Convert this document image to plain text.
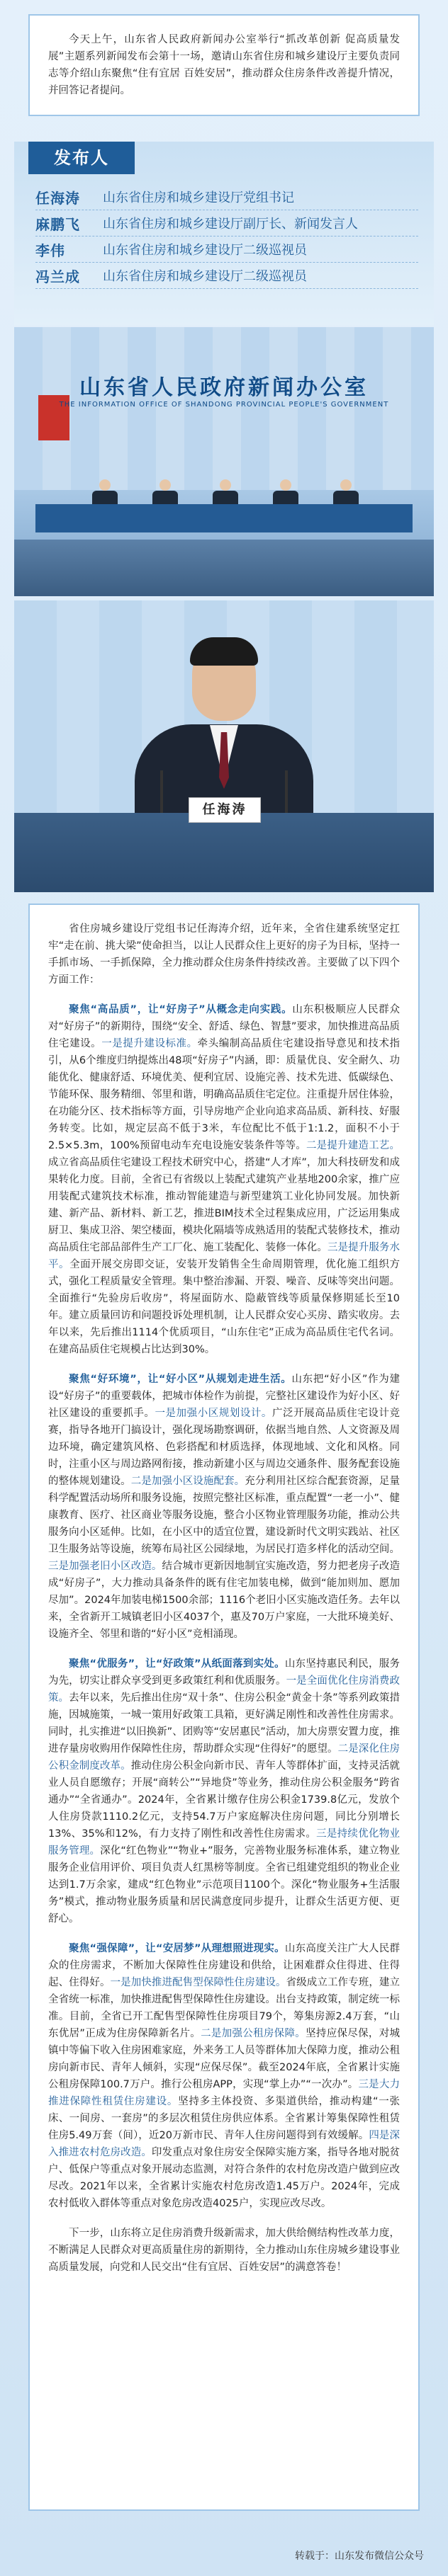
今天上午，山东省人民政府新闻办公室举行“抓改革创新 促高质量发展”主题系列新闻发布会第十一场，邀请山东省住房和城乡建设厅主要负责同志等介绍山东聚焦“住有宜居 百姓安居”，推动群众住房条件改善提升情况，并回答记者提问。
发布人
任海涛	山东省住房和城乡建设厅党组书记
麻鹏飞	山东省住房和城乡建设厅副厅长、新闻发言人
李伟	山东省住房和城乡建设厅二级巡视员
冯兰成	山东省住房和城乡建设厅二级巡视员
山东省人民政府新闻办公室
THE INFORMATION OFFICE OF SHANDONG PROVINCIAL PEOPLE'S GOVERNMENT
任海涛

省住房城乡建设厅党组书记任海涛介绍，近年来，全省住建系统坚定扛牢“走在前、挑大梁”使命担当，以让人民群众住上更好的房子为目标，坚持一手抓市场、一手抓保障，全力推动群众住房条件持续改善。主要做了以下四个方面工作：

聚焦“高品质”，让“好房子”从概念走向实践。山东积极顺应人民群众对“好房子”的新期待，围绕“安全、舒适、绿色、智慧”要求，加快推进高品质住宅建设。一是提升建设标准。牵头编制高品质住宅建设指导意见和技术指引，从6个维度归纳提炼出48项“好房子”内涵，即：质量优良、安全耐久、功能优化、健康舒适、环境优美、便利宜居、设施完善、技术先进、低碳绿色、节能环保、服务精细、邻里和谐，明确高品质住宅定位。注重提升居住体验，在功能分区、技术指标等方面，引导房地产企业向追求高品质、新科技、好服务转变。比如，规定层高不低于3米，车位配比不低于1:1.2，面积不小于2.5×5.3m，100%预留电动车充电设施安装条件等等。二是提升建造工艺。成立省高品质住宅建设工程技术研究中心，搭建“人才库”，加大科技研发和成果转化力度。目前，全省已有省级以上装配式建筑产业基地200余家，推广应用装配式建筑技术标准，推动智能建造与新型建筑工业化协同发展。加快新建、新产品、新材料、新工艺，推进BIM技术全过程集成应用，广泛运用集成厨卫、集成卫浴、架空楼面，模块化隔墙等成熟适用的装配式装修技术，推动高品质住宅部品部件生产工厂化、施工装配化、装修一体化。三是提升服务水平。全面开展交房即交证，安装开发销售全生命周期管理，优化施工组织方式，强化工程质量安全管理。集中整治渗漏、开裂、噪音、反味等突出问题。全面推行“先验房后收房”，将屋面防水、隐蔽管线等质量保修期延长至10年。建立质量回访和问题投诉处理机制，让人民群众安心买房、踏实收房。去年以来，先后推出1114个优质项目，“山东住宅”正成为高品质住宅代名词。在建高品质住宅规模占比达到30%。

聚焦“好环境”，让“好小区”从规划走进生活。山东把“好小区”作为建设“好房子”的重要载体，把城市体检作为前提，完整社区建设作为好小区、好社区建设的重要抓手。一是加强小区规划设计。广泛开展高品质住宅设计竞赛，指导各地开门搞设计，强化现场勘察调研，依据当地自然、人文资源及周边环境，确定建筑风格、色彩搭配和材质选择，体现地域、文化和风格。同时，注重小区与周边路网衔接，推动新建小区与周边交通条件、服务配套设施的整体规划建设。二是加强小区设施配套。充分利用社区综合配套资源，足量科学配置活动场所和服务设施，按照完整社区标准，重点配置“一老一小”、健康教育、医疗、社区商业等服务设施，整合小区物业管理服务功能，推动公共服务向小区延伸。比如，在小区中的适宜位置，建设新时代文明实践站、社区卫生服务站等设施，统筹布局社区公园绿地，为居民打造多样化的活动空间。三是加强老旧小区改造。结合城市更新因地制宜实施改造，努力把老房子改造成“好房子”，大力推动具备条件的既有住宅加装电梯，做到“能加则加、愿加尽加”。2024年加装电梯1500余部；1116个老旧小区实施改造任务。去年以来，全省新开工城镇老旧小区4037个，惠及70万户家庭，一大批环境美好、设施齐全、邻里和谐的“好小区”竞相涌现。

聚焦“优服务”，让“好政策”从纸面落到实处。山东坚持惠民利民，服务为先，切实让群众享受到更多政策红利和优质服务。一是全面优化住房消费政策。去年以来，先后推出住房“双十条”、住房公积金“黄金十条”等系列政策措施，因城施策，一城一策用好政策工具箱，更好满足刚性和改善性住房需求。同时，扎实推进“以旧换新”、团购等“安居惠民”活动，加大房票安置力度，推进存量房收购用作保障性住房，帮助群众实现“住得好”的愿望。二是深化住房公积金制度改革。推动住房公积金向新市民、青年人等群体扩面，支持灵活就业人员自愿缴存；开展“商转公”“异地贷”等业务，推动住房公积金服务“跨省通办”“全省通办”。2024年，全省累计缴存住房公积金1739.8亿元，发放个人住房贷款1110.2亿元，支持54.7万户家庭解决住房问题，同比分别增长13%、35%和12%，有力支持了刚性和改善性住房需求。三是持续优化物业服务管理。深化“红色物业”“物业+”服务，完善物业服务标准体系，建立物业服务企业信用评价、项目负责人红黑榜等制度。全省已组建党组织的物业企业达到1.7万余家，建成“红色物业”示范项目1100个。深化“物业服务+生活服务”模式，推动物业服务质量和居民满意度同步提升，让群众生活更方便、更舒心。

聚焦“强保障”，让“安居梦”从理想照进现实。山东高度关注广大人民群众的住房需求，不断加大保障性住房建设和供给，让困难群众住得进、住得起、住得好。一是加快推进配售型保障性住房建设。省级成立工作专班，建立全省统一标准，加快推进配售型保障性住房建设。出台支持政策，制定统一标准。目前，全省已开工配售型保障性住房项目79个，筹集房源2.4万套，“山东优居”正成为住房保障新名片。二是加强公租房保障。坚持应保尽保，对城镇中等偏下收入住房困难家庭，外来务工人员等群体加大保障力度，推动公租房向新市民、青年人倾斜，实现“应保尽保”。截至2024年底，全省累计实施公租房保障100.7万户。推行公租房APP，实现“掌上办”“一次办”。三是大力推进保障性租赁住房建设。坚持多主体投资、多渠道供给，推动构建“一张床、一间房、一套房”的多层次租赁住房供应体系。全省累计筹集保障性租赁住房5.49万套（间），近20万新市民、青年人住房问题得到有效缓解。四是深入推进农村危房改造。印发重点对象住房安全保障实施方案，指导各地对脱贫户、低保户等重点对象开展动态监测，对符合条件的农村危房改造户做到应改尽改。2021年以来，全省累计实施农村危房改造1.45万户。2024年，完成农村低收入群体等重点对象危房改造4025户，实现应改尽改。

下一步，山东将立足住房消费升级新需求，加大供给侧结构性改革力度，不断满足人民群众对更高质量住房的新期待，全力推动山东住房城乡建设事业高质量发展，向党和人民交出“住有宜居、百姓安居”的满意答卷！

转载于：山东发布微信公众号
